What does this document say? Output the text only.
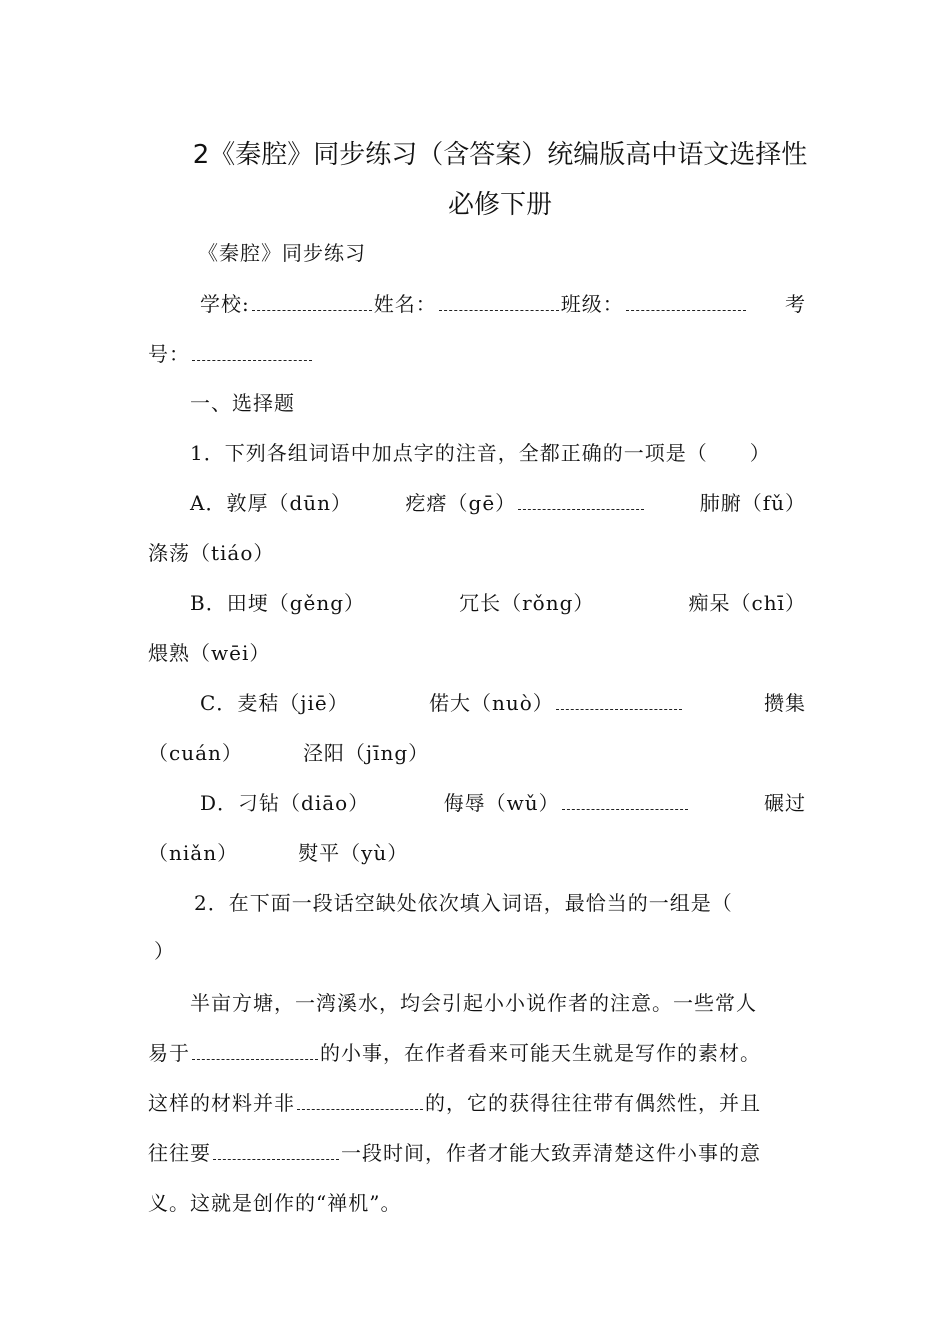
2《秦腔》同步练习（含答案）统编版高中语文选择性
必修下册
《秦腔》同步练习
学校:	姓名：	班级：	考
号：
一、选择题
1．下列各组词语中加点字的注音，全都正确的一项是（　　）
A．敦厚（dūn）	疙瘩（gē）	肺腑（fǔ）
涤荡（tiáo）
B．田埂（gěng）	冗长（rǒng）	痴呆（chī）
煨熟（wēi）
C．麦秸（jiē）	偌大（nuò）	攒集
（cuán）	泾阳（jīng）
D．刁钻（diāo）	侮辱（wǔ）	碾过
（niǎn）	熨平（yù）
2．在下面一段话空缺处依次填入词语，最恰当的一组是（
）
半亩方塘，一湾溪水，均会引起小小说作者的注意。一些常人
易于	的小事，在作者看来可能天生就是写作的素材。
这样的材料并非	的，它的获得往往带有偶然性，并且
往往要	一段时间，作者才能大致弄清楚这件小事的意
义。这就是创作的“禅机”。
